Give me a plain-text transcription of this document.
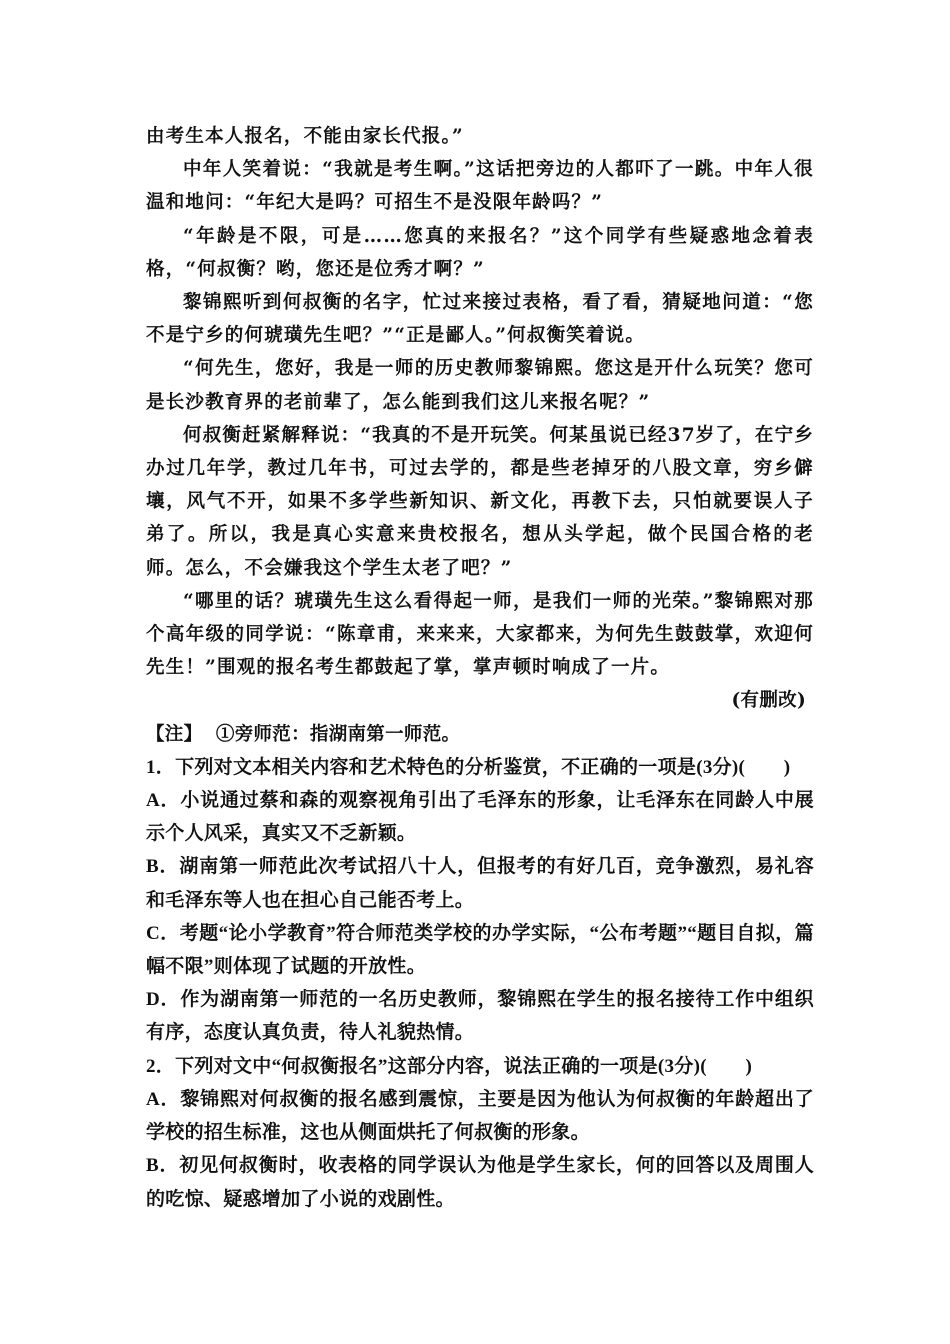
由考生本人报名，不能由家长代报。”

中年人笑着说：“我就是考生啊。”这话把旁边的人都吓了一跳。中年人很温和地问：“年纪大是吗？可招生不是没限年龄吗？”

“年龄是不限，可是……您真的来报名？”这个同学有些疑惑地念着表格，“何叔衡？哟，您还是位秀才啊？”

黎锦熙听到何叔衡的名字，忙过来接过表格，看了看，猜疑地问道：“您不是宁乡的何琥璜先生吧？”“正是鄙人。”何叔衡笑着说。

“何先生，您好，我是一师的历史教师黎锦熙。您这是开什么玩笑？您可是长沙教育界的老前辈了，怎么能到我们这儿来报名呢？”

何叔衡赶紧解释说：“我真的不是开玩笑。何某虽说已经37岁了，在宁乡办过几年学，教过几年书，可过去学的，都是些老掉牙的八股文章，穷乡僻壤，风气不开，如果不多学些新知识、新文化，再教下去，只怕就要误人子弟了。所以，我是真心实意来贵校报名，想从头学起，做个民国合格的老师。怎么，不会嫌我这个学生太老了吧？”

“哪里的话？琥璜先生这么看得起一师，是我们一师的光荣。”黎锦熙对那个高年级的同学说：“陈章甫，来来来，大家都来，为何先生鼓鼓掌，欢迎何先生！”围观的报名考生都鼓起了掌，掌声顿时响成了一片。

(有删改)

【注】 ①旁师范：指湖南第一师范。

1．下列对文本相关内容和艺术特色的分析鉴赏，不正确的一项是(3分)(　　)

A．小说通过蔡和森的观察视角引出了毛泽东的形象，让毛泽东在同龄人中展示个人风采，真实又不乏新颖。

B．湖南第一师范此次考试招八十人，但报考的有好几百，竞争激烈，易礼容和毛泽东等人也在担心自己能否考上。

C．考题“论小学教育”符合师范类学校的办学实际，“公布考题”“题目自拟，篇幅不限”则体现了试题的开放性。

D．作为湖南第一师范的一名历史教师，黎锦熙在学生的报名接待工作中组织有序，态度认真负责，待人礼貌热情。

2．下列对文中“何叔衡报名”这部分内容，说法正确的一项是(3分)(　　)

A．黎锦熙对何叔衡的报名感到震惊，主要是因为他认为何叔衡的年龄超出了学校的招生标准，这也从侧面烘托了何叔衡的形象。

B．初见何叔衡时，收表格的同学误认为他是学生家长，何的回答以及周围人的吃惊、疑惑增加了小说的戏剧性。
